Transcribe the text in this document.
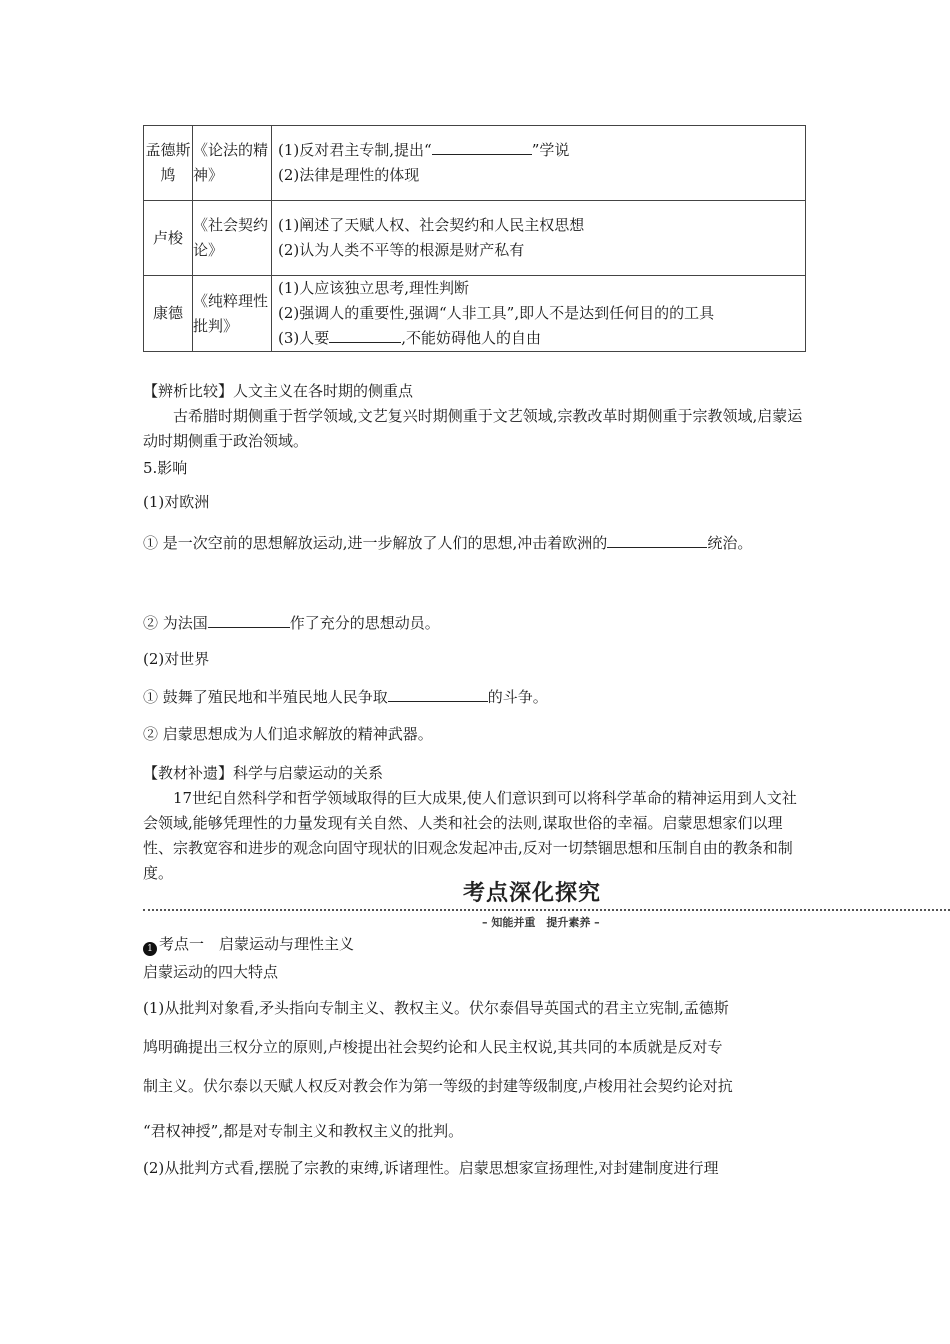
孟德斯鸠	《论法的精神》	(1)反对君主专制,提出“ ”学说
(2)法律是理性的体现

卢梭	《社会契约论》	(1)阐述了天赋人权、社会契约和人民主权思想
(2)认为人类不平等的根源是财产私有

康德	《纯粹理性批判》	(1)人应该独立思考,理性判断
(2)强调人的重要性,强调“人非工具”,即人不是达到任何目的的工具
(3)人要 ,不能妨碍他人的自由
【辨析比较】人文主义在各时期的侧重点
古希腊时期侧重于哲学领域,文艺复兴时期侧重于文艺领域,宗教改革时期侧重于宗教领域,启蒙运动时期侧重于政治领域。
5.影响
(1)对欧洲
① 是一次空前的思想解放运动,进一步解放了人们的思想,冲击着欧洲的	统治。
② 为法国	作了充分的思想动员。
(2)对世界
① 鼓舞了殖民地和半殖民地人民争取	的斗争。
② 启蒙思想成为人们追求解放的精神武器。
【教材补遗】科学与启蒙运动的关系
17世纪自然科学和哲学领域取得的巨大成果,使人们意识到可以将科学革命的精神运用到人文社会领域,能够凭理性的力量发现有关自然、人类和社会的法则,谋取世俗的幸福。启蒙思想家们以理性、宗教宽容和进步的观念向固守现状的旧观念发起冲击,反对一切禁锢思想和压制自由的教条和制度。
考点深化探究
– 知能并重　提升素养 –
1 考点一　启蒙运动与理性主义
启蒙运动的四大特点
(1)从批判对象看,矛头指向专制主义、教权主义。伏尔泰倡导英国式的君主立宪制,孟德斯
鸠明确提出三权分立的原则,卢梭提出社会契约论和人民主权说,其共同的本质就是反对专
制主义。伏尔泰以天赋人权反对教会作为第一等级的封建等级制度,卢梭用社会契约论对抗
“君权神授”,都是对专制主义和教权主义的批判。
(2)从批判方式看,摆脱了宗教的束缚,诉诸理性。启蒙思想家宣扬理性,对封建制度进行理
